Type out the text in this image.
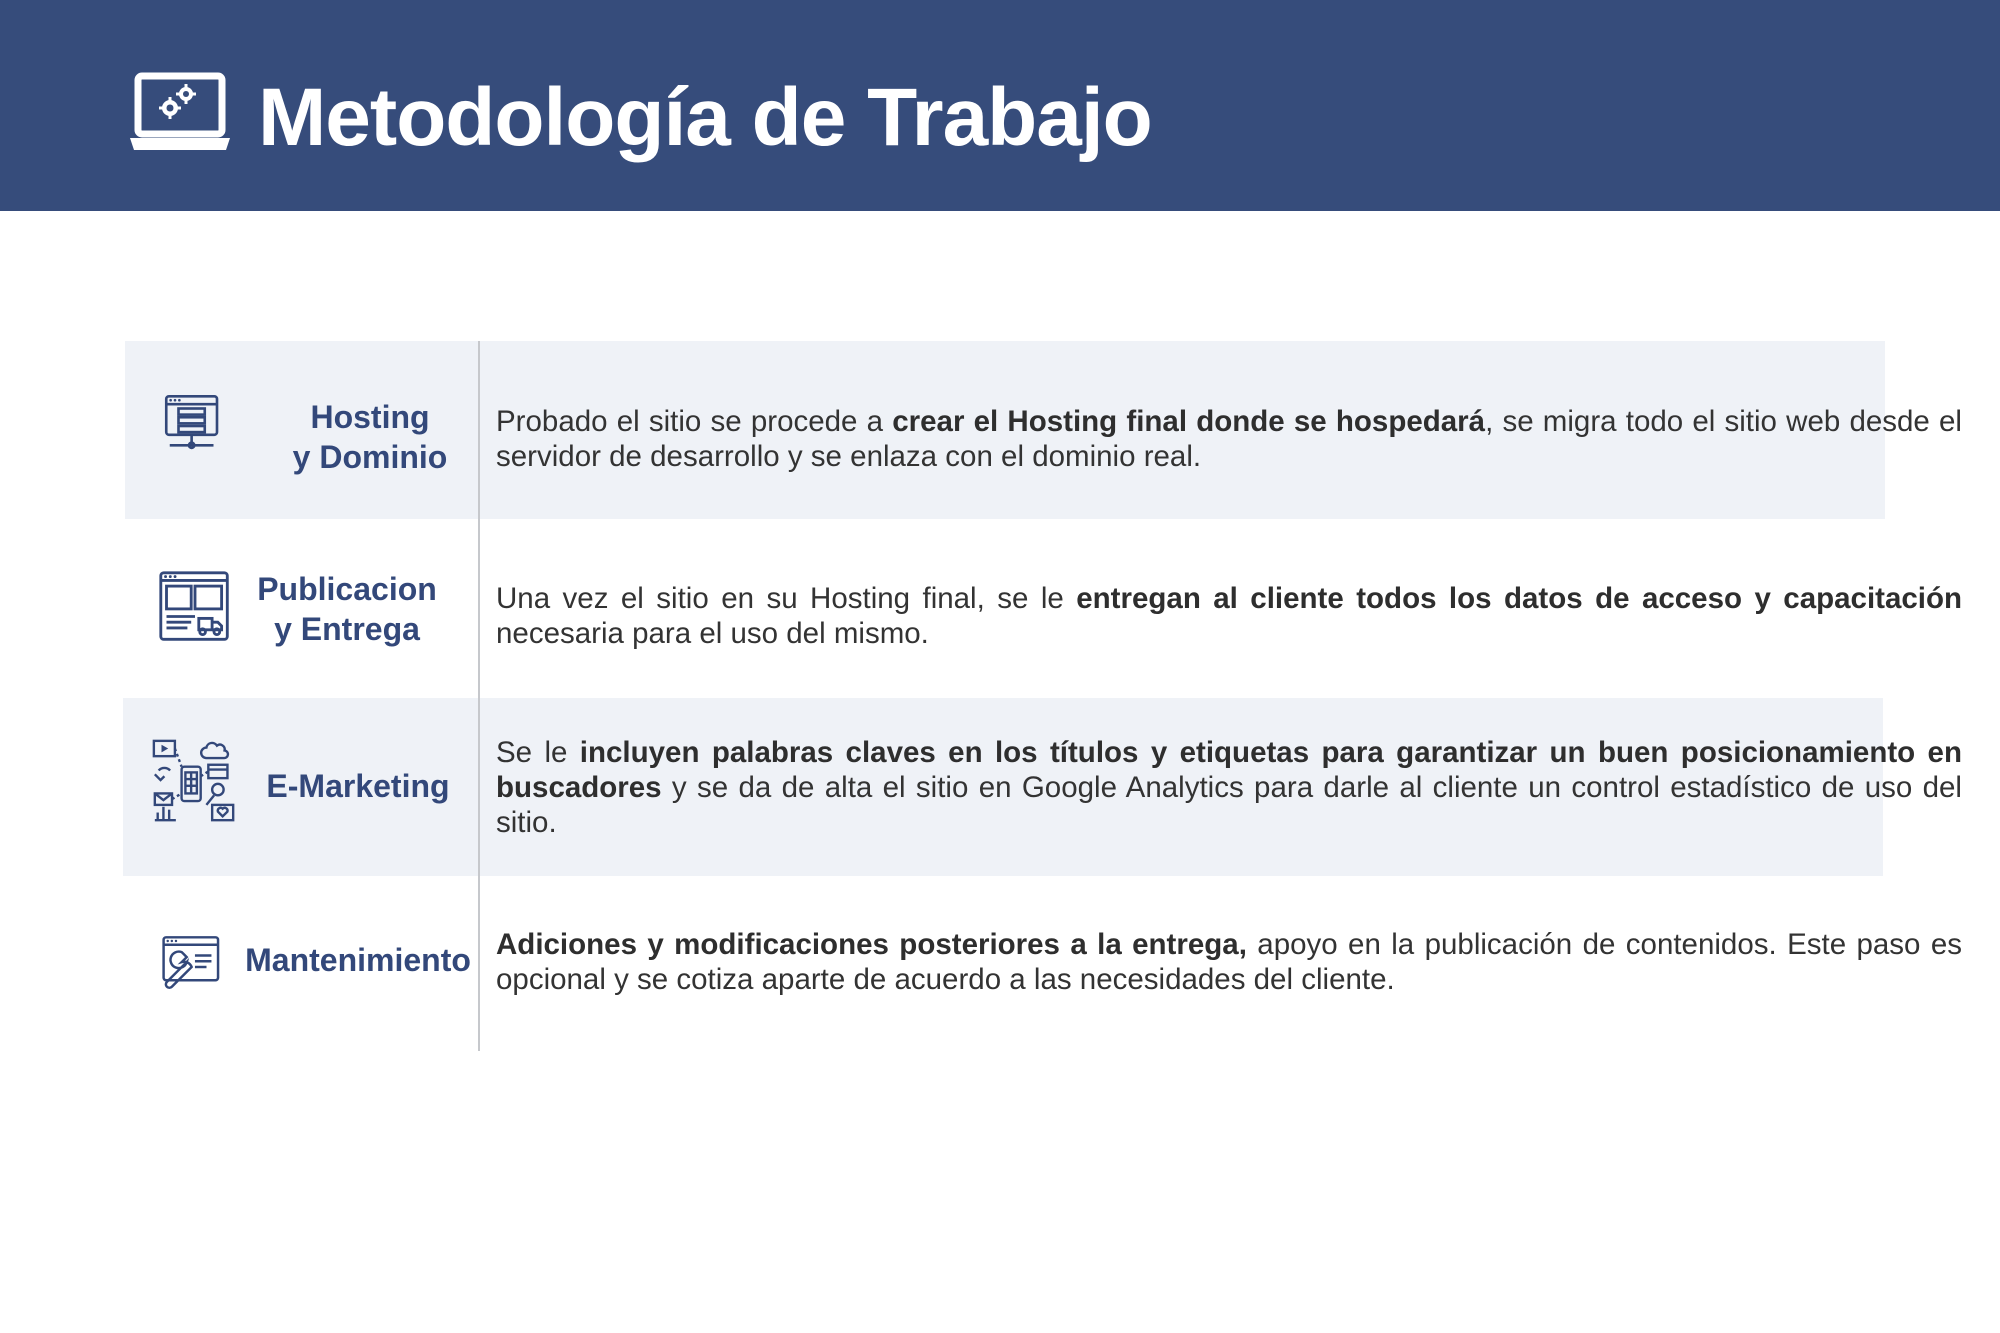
Metodología de Trabajo
Hosting
y Dominio
Probado el sitio se procede a crear el Hosting final donde se hospedará, se migra todo el sitio web desde el servidor de desarrollo y se enlaza con el dominio real.
Publicacion
y Entrega
Una vez el sitio en su Hosting final, se le entregan al cliente todos los datos de acceso y capacitación necesaria para el uso del mismo.
E-Marketing
Se le incluyen palabras claves en los títulos y etiquetas para garantizar un buen posicionamiento en buscadores y se da de alta el sitio en Google Analytics para darle al cliente un control estadístico de uso del sitio.
Mantenimiento Adiciones y modificaciones posteriores a la entrega, apoyo en la publicación de contenidos. Este paso es opcional y se cotiza aparte de acuerdo a las necesidades del cliente.
